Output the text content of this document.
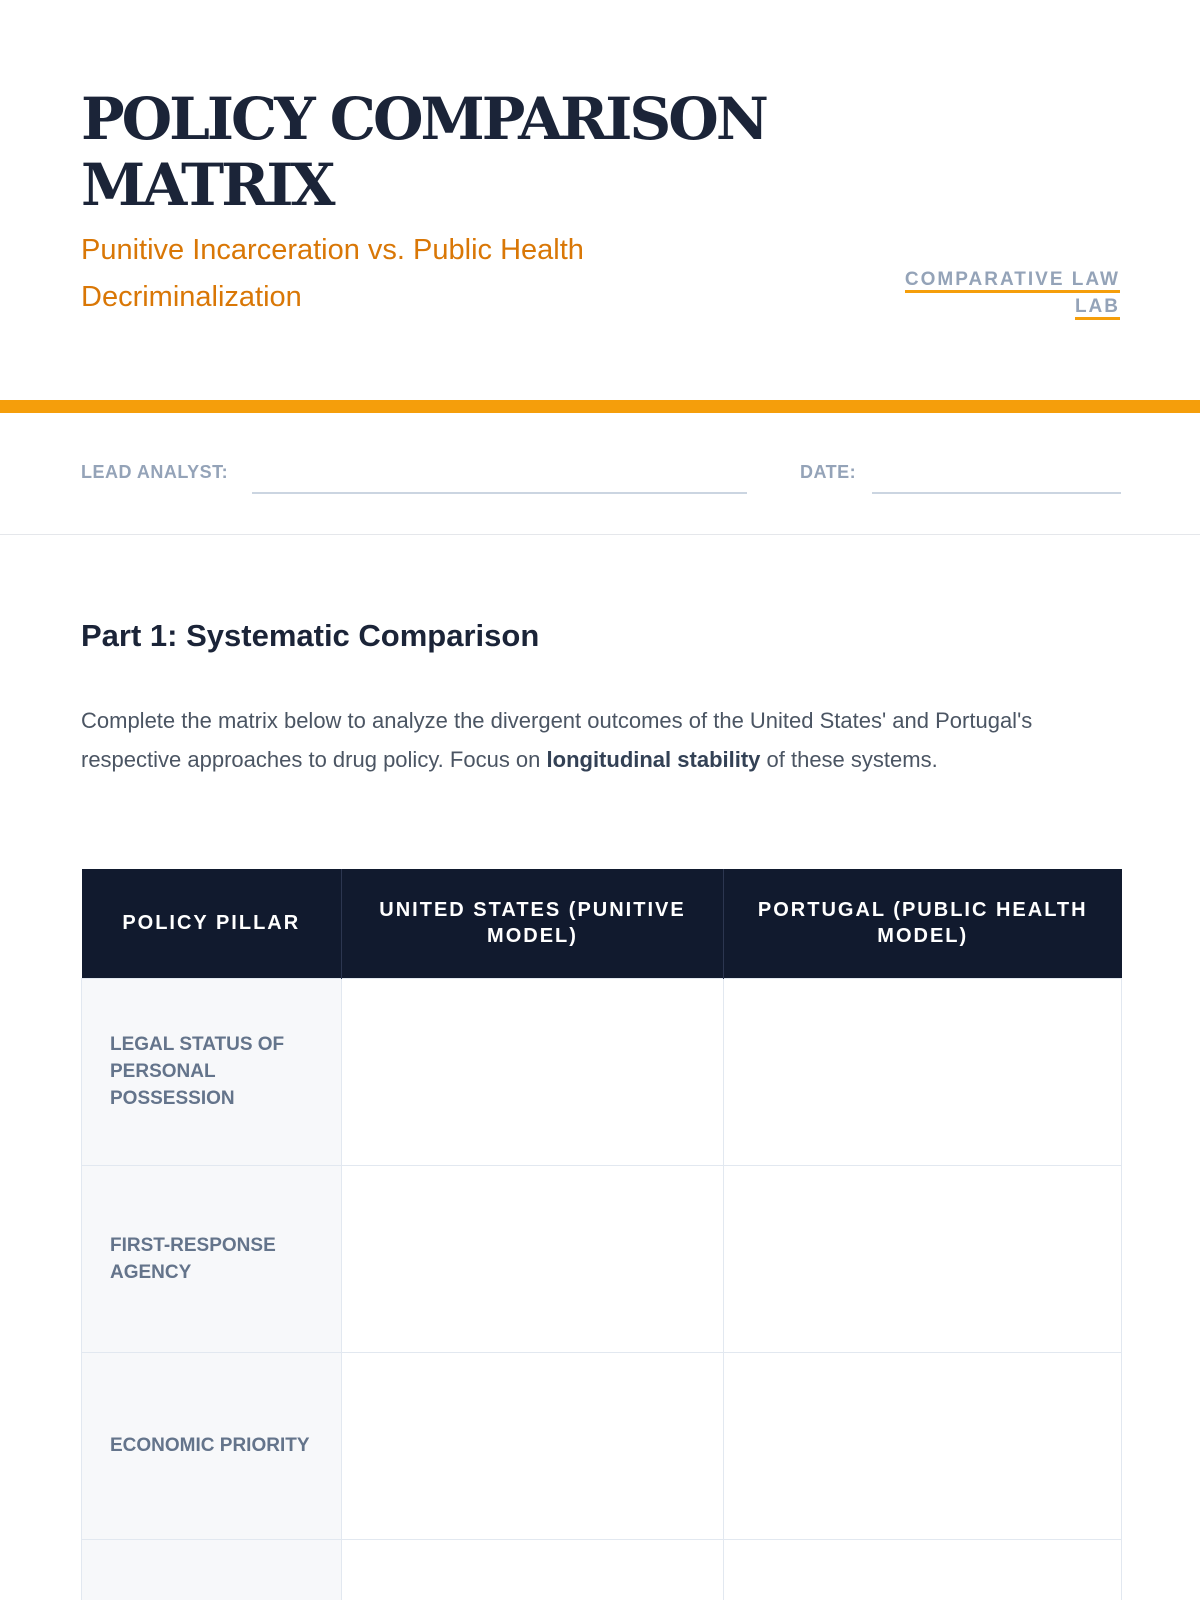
POLICY COMPARISON MATRIX
Punitive Incarceration vs. Public Health Decriminalization
COMPARATIVE LAW LAB
LEAD ANALYST:	DATE:
Part 1: Systematic Comparison

Complete the matrix below to analyze the divergent outcomes of the United States' and Portugal's respective approaches to drug policy. Focus on longitudinal stability of these systems.

POLICY PILLAR	UNITED STATES (PUNITIVE MODEL)	PORTUGAL (PUBLIC HEALTH MODEL)
LEGAL STATUS OF PERSONAL POSSESSION		
FIRST-RESPONSE AGENCY		
ECONOMIC PRIORITY		
